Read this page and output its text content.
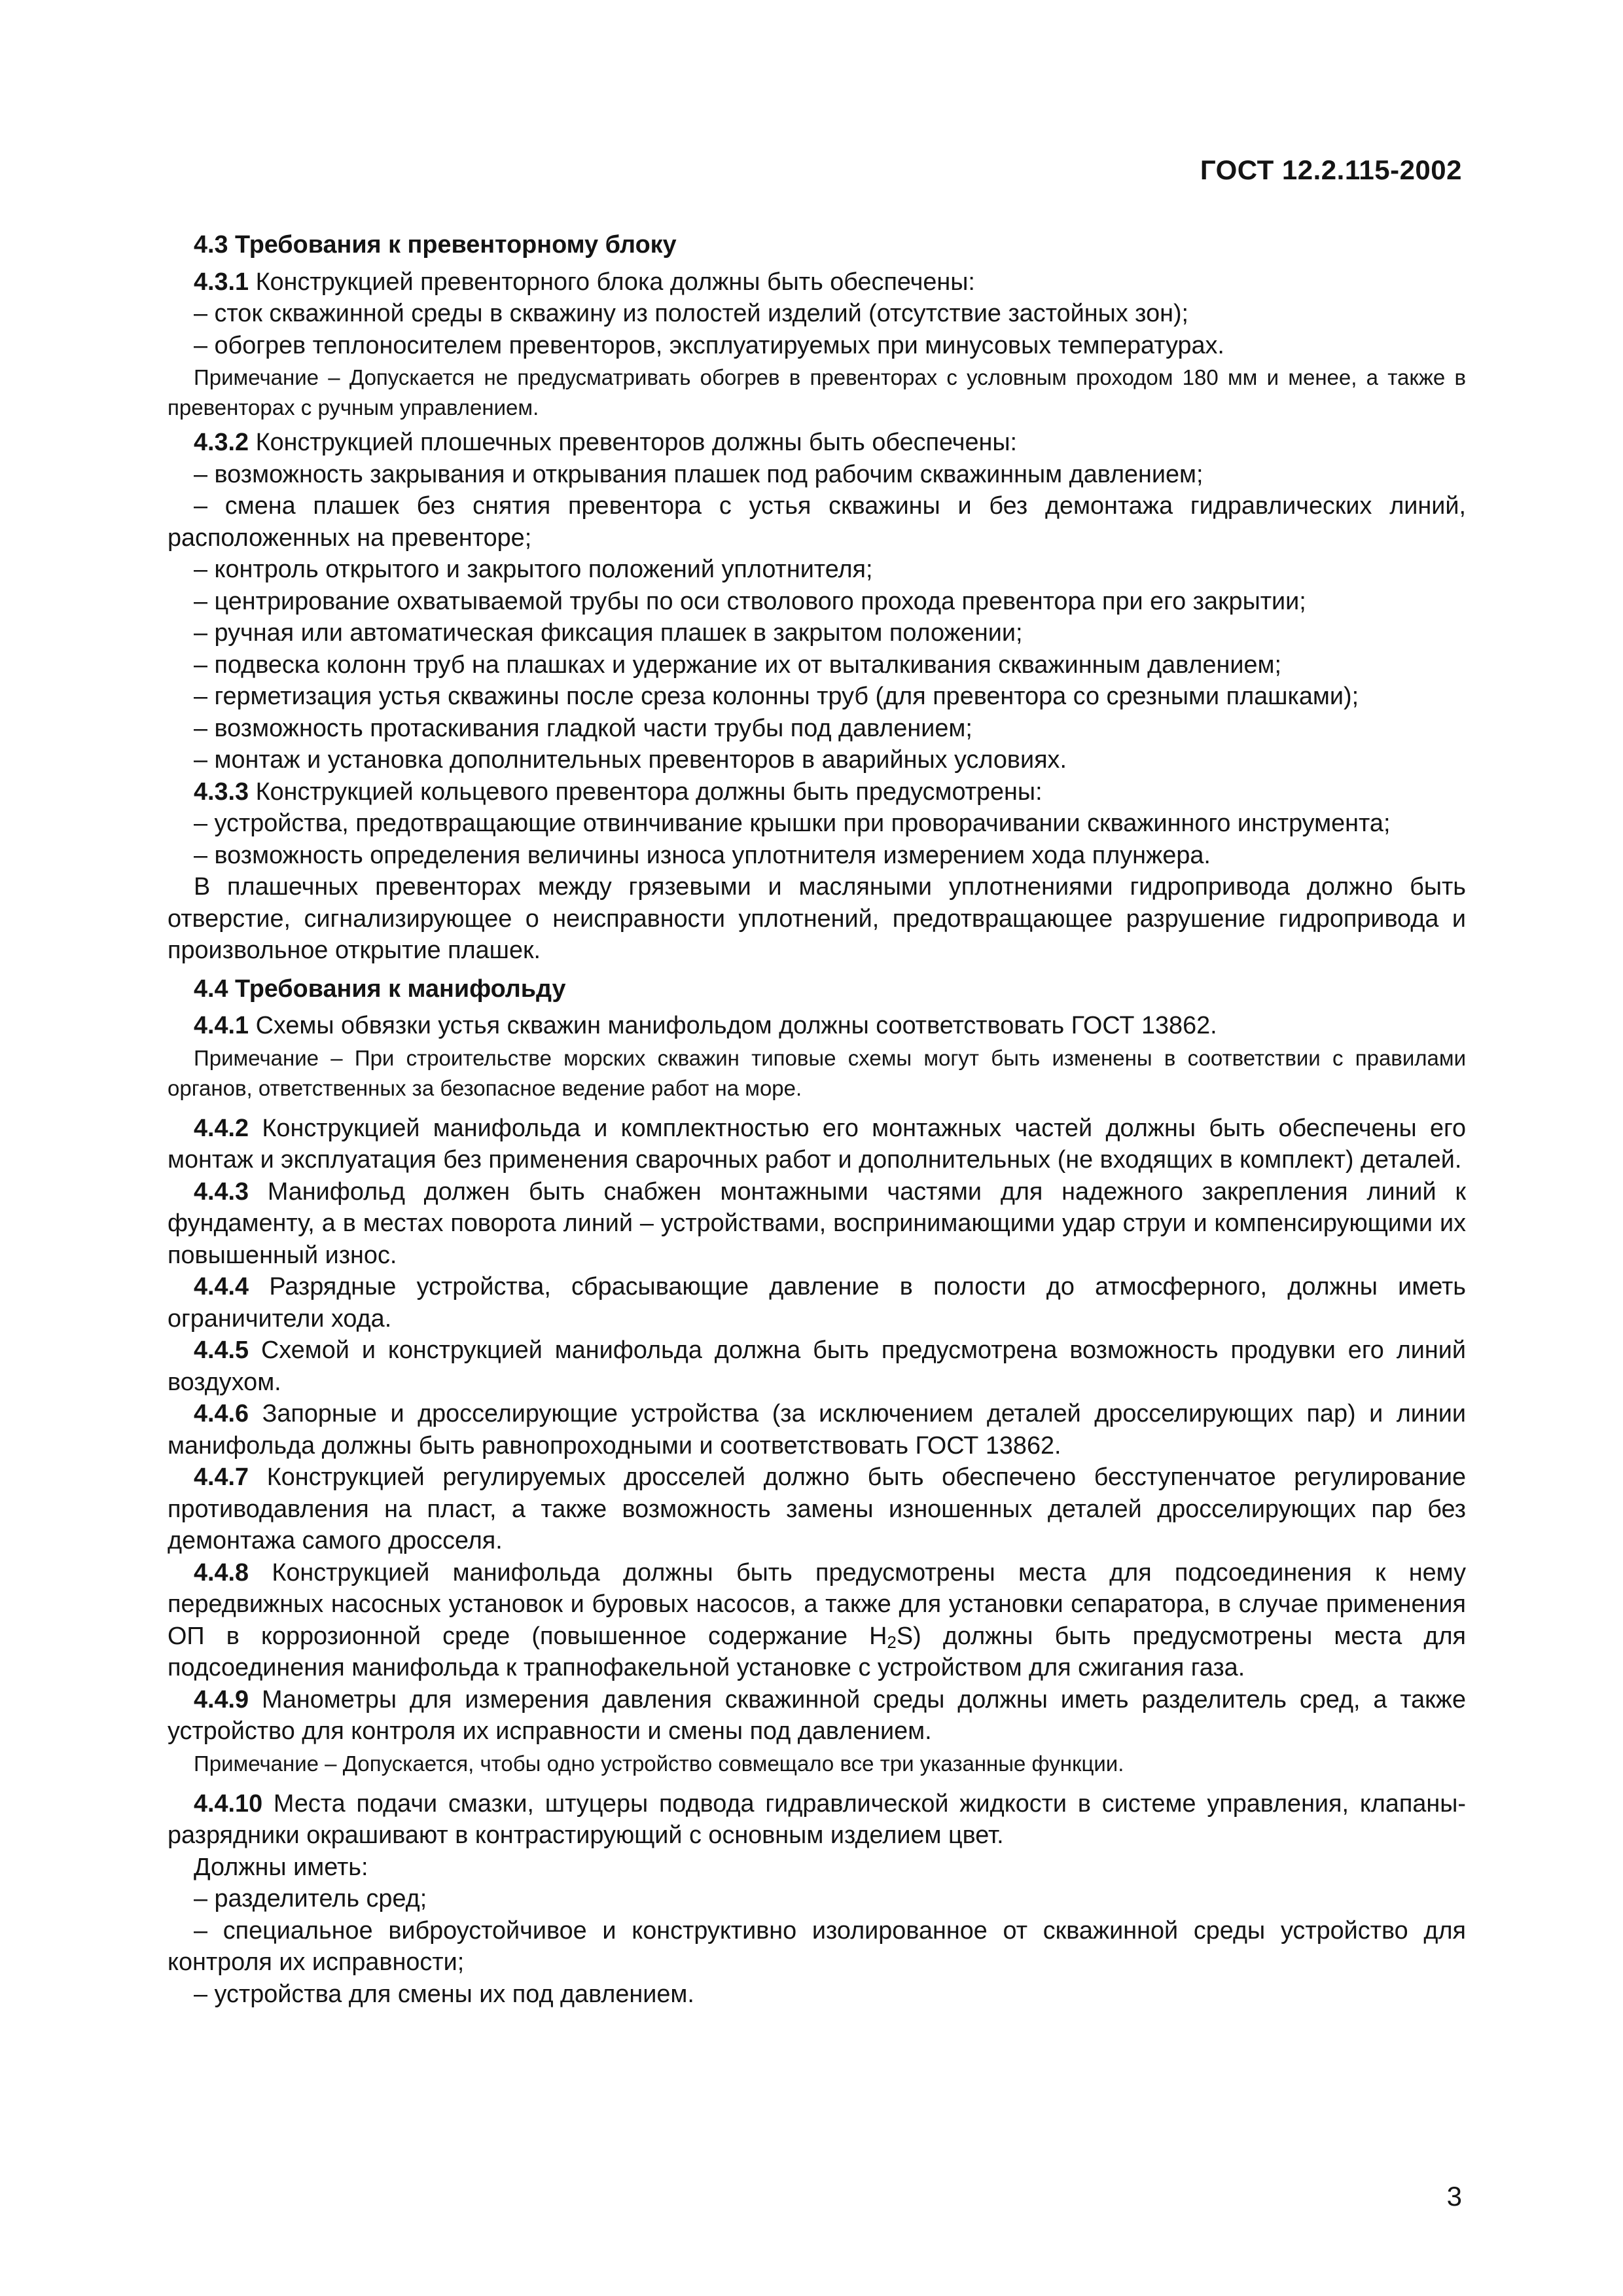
ГОСТ 12.2.115-2002
4.3 Требования к превенторному блоку

4.3.1 Конструкцией превенторного блока должны быть обеспечены:

– сток скважинной среды в скважину из полостей изделий (отсутствие застойных зон);

– обогрев теплоносителем превенторов, эксплуатируемых при минусовых температурах.

Примечание – Допускается не предусматривать обогрев в превенторах с условным проходом 180 мм и менее, а также в превенторах с ручным управлением.

4.3.2 Конструкцией плошечных превенторов должны быть обеспечены:

– возможность закрывания и открывания плашек под рабочим скважинным давлением;

– смена плашек без снятия превентора с устья скважины и без демонтажа гидравлических линий, расположенных на превенторе;

– контроль открытого и закрытого положений уплотнителя;

– центрирование охватываемой трубы по оси стволового прохода превентора при его закрытии;

– ручная или автоматическая фиксация плашек в закрытом положении;

– подвеска колонн труб на плашках и удержание их от выталкивания скважинным давлением;

– герметизация устья скважины после среза колонны труб (для превентора со срезными плашками);

– возможность протаскивания гладкой части трубы под давлением;

– монтаж и установка дополнительных превенторов в аварийных условиях.

4.3.3 Конструкцией кольцевого превентора должны быть предусмотрены:

– устройства, предотвращающие отвинчивание крышки при проворачивании скважинного инструмента;

– возможность определения величины износа уплотнителя измерением хода плунжера.

В плашечных превенторах между грязевыми и масляными уплотнениями гидропривода должно быть отверстие, сигнализирующее о неисправности уплотнений, предотвращающее разрушение гидропривода и произвольное открытие плашек.

4.4 Требования к манифольду

4.4.1 Схемы обвязки устья скважин манифольдом должны соответствовать ГОСТ 13862.

Примечание – При строительстве морских скважин типовые схемы могут быть изменены в соответствии с правилами органов, ответственных за безопасное ведение работ на море.

4.4.2 Конструкцией манифольда и комплектностью его монтажных частей должны быть обеспечены его монтаж и эксплуатация без применения сварочных работ и дополнительных (не входящих в комплект) деталей.

4.4.3 Манифольд должен быть снабжен монтажными частями для надежного закрепления линий к фундаменту, а в местах поворота линий – устройствами, воспринимающими удар струи и компенсирующими их повышенный износ.

4.4.4 Разрядные устройства, сбрасывающие давление в полости до атмосферного, должны иметь ограничители хода.

4.4.5 Схемой и конструкцией манифольда должна быть предусмотрена возможность продувки его линий воздухом.

4.4.6 Запорные и дросселирующие устройства (за исключением деталей дросселирующих пар) и линии манифольда должны быть равнопроходными и соответствовать ГОСТ 13862.

4.4.7 Конструкцией регулируемых дросселей должно быть обеспечено бесступенчатое регулирование противодавления на пласт, а также возможность замены изношенных деталей дросселирующих пар без демонтажа самого дросселя.

4.4.8 Конструкцией манифольда должны быть предусмотрены места для подсоединения к нему передвижных насосных установок и буровых насосов, а также для установки сепаратора, в случае применения ОП в коррозионной среде (повышенное содержание $H_2S$) должны быть предусмотрены места для подсоединения манифольда к трапнофакельной установке с устройством для сжигания газа.

4.4.9 Манометры для измерения давления скважинной среды должны иметь разделитель сред, а также устройство для контроля их исправности и смены под давлением.

Примечание – Допускается, чтобы одно устройство совмещало все три указанные функции.

4.4.10 Места подачи смазки, штуцеры подвода гидравлической жидкости в системе управления, клапаны-разрядники окрашивают в контрастирующий с основным изделием цвет.

Должны иметь:

– разделитель сред;

– специальное виброустойчивое и конструктивно изолированное от скважинной среды устройство для контроля их исправности;

– устройства для смены их под давлением.

3
